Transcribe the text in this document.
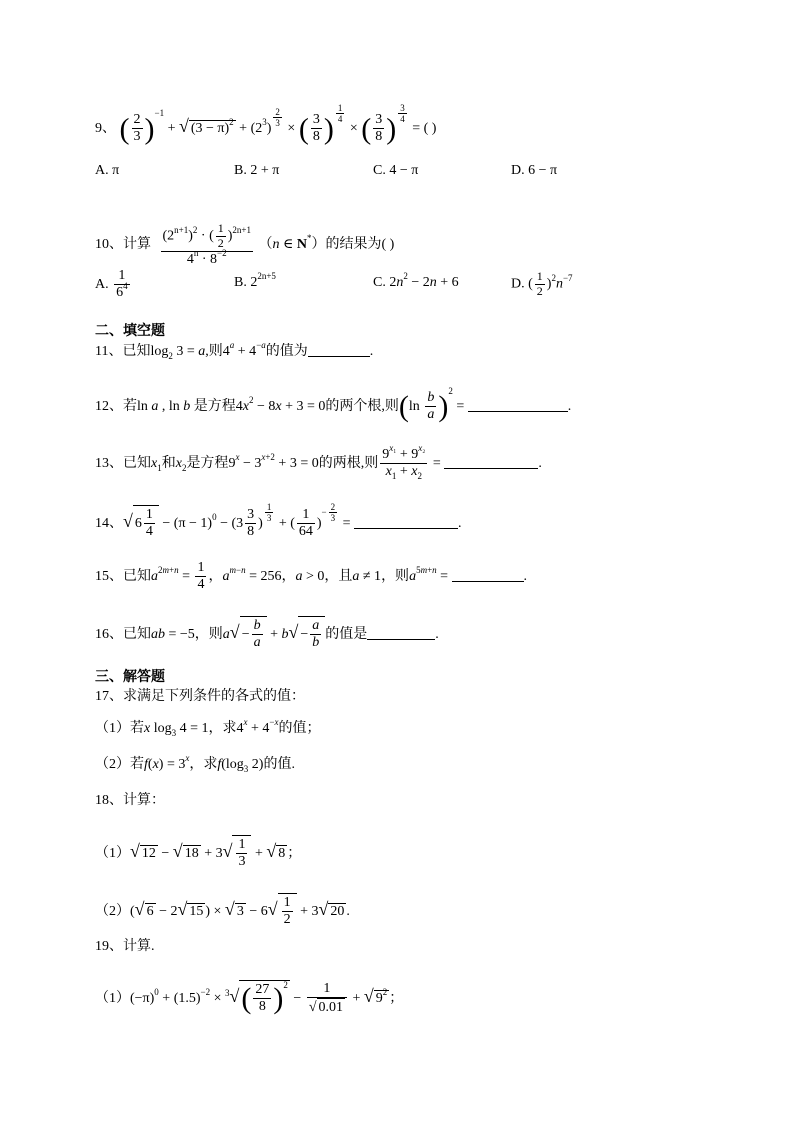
9、 ( $\frac{2}{3} )^{-1}$ + √ $(3 - \pi)^2 + (2^3)$ $^{\frac{2}{3}}$ × ( $\frac{3}{8}$ ) $^{\frac{1}{4}}$
× ( $\frac{3}{8}$ ) $^{\frac{3}{4}}$
= ( )
A. π	B. 2 + π	C. 4 − π	D. 6 − π
10、计算 $\frac{(2^{n+1})^2 \cdot ( \frac{1}{2} )^{2n+1}}{4^n \cdot 8^{-2}} (n$ ∈ N*）的结果为( )
A. $\frac{1}{6^4}$	B. $2^{2n+5}$	C. $2n^2 - 2n + 6$	D. ( $\frac{1}{2} )^2n^{-7}$
二、填空题
11、已知$\log_2 3 = a$,则$4^a + 4^{-a}$的值为	.
12、若ln a , ln b 是方程$4x^2 - 8x + 3 = 0$的两个根,则$(\ln \frac{b}{a} )^2$ =	.
13、已知$x_1$和$x_2$是方程$9^x - 3^{x+2} + 3 = 0$的两根,则 $\frac{9^{x_1} + 9^{x_2}}{x_1 + x_2}$ =	.
14、√ $6 \frac{1}{4} - (\pi - 1)^0 - (3 \frac{3}{8}$ ) $^{\frac{1}{3}}$ + ( $\frac{1}{64} )^{- \frac{2}{3}}$ =	.
15、已知$a^{2m+n} = \frac{1}{4}$ ，$a^{m-n} = 256$，a > 0，且a ≠ 1，则$a^{5m+n}$ =	.
16、已知ab = −5，则$a√ - \frac{b}{a} + b√ - \frac{a}{b}$ 的值是	.
三、解答题
17、求满足下列条件的各式的值：
（1）若x $\log_3 4 = 1$，求$4^x + 4^{-x}$的值；
（2）若$f(x) = 3^x$，求$f(\log_3$ 2)的值.
18、计算：
（1）√ 12 − √ $18 + 3√ \frac{1}{3}$ + √ 8 ；
（2）(√ 6 − 2√ 15 ) × √ $3 - 6√ \frac{1}{2} + 3√$ 20 .
19、计算.
$(1)(-\pi)^0 + (1.5)^{-2} \times ^3√( \frac{27}{8} )^2 - \frac{1}{√ 0.01}$ + √ $9^2$ ；
